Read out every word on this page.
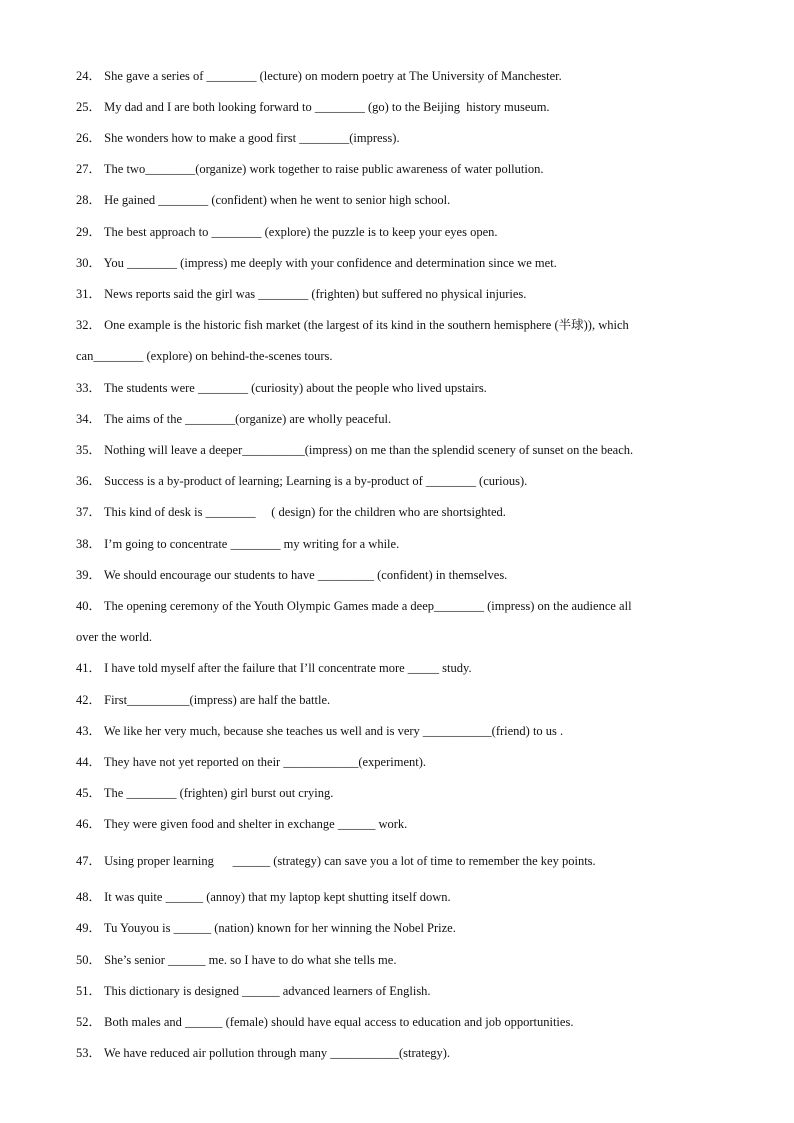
24． She gave a series of ________ (lecture) on modern poetry at The University of Manchester.
25． My dad and I are both looking forward to ________ (go) to the Beijing  history museum.
26． She wonders how to make a good first ________(impress).
27． The two________(organize) work together to raise public awareness of water pollution.
28． He gained ________ (confident) when he went to senior high school.
29． The best approach to ________ (explore) the puzzle is to keep your eyes open.
30． You ________ (impress) me deeply with your confidence and determination since we met.
31． News reports said the girl was ________ (frighten) but suffered no physical injuries.
32． One example is the historic fish market (the largest of its kind in the southern hemisphere (半球)), which
can________ (explore) on behind-the-scenes tours.
33． The students were ________ (curiosity) about the people who lived upstairs.
34． The aims of the ________(organize) are wholly peaceful.
35． Nothing will leave a deeper__________(impress) on me than the splendid scenery of sunset on the beach.
36． Success is a by-product of learning; Learning is a by-product of ________ (curious).
37． This kind of desk is ________     ( design) for the children who are shortsighted.
38． I’m going to concentrate ________ my writing for a while.
39． We should encourage our students to have _________ (confident) in themselves.
40． The opening ceremony of the Youth Olympic Games made a deep________ (impress) on the audience all
over the world.
41． I have told myself after the failure that I’ll concentrate more _____ study.
42． First__________(impress) are half the battle.
43． We like her very much, because she teaches us well and is very ___________(friend) to us .
44． They have not yet reported on their ____________(experiment).
45． The ________ (frighten) girl burst out crying.
46． They were given food and shelter in exchange ______ work.
47． Using proper learning      ______ (strategy) can save you a lot of time to remember the key points.
48． It was quite ______ (annoy) that my laptop kept shutting itself down.
49． Tu Youyou is ______ (nation) known for her winning the Nobel Prize.
50． She’s senior ______ me. so I have to do what she tells me.
51． This dictionary is designed ______ advanced learners of English.
52． Both males and ______ (female) should have equal access to education and job opportunities.
53． We have reduced air pollution through many ___________(strategy).
